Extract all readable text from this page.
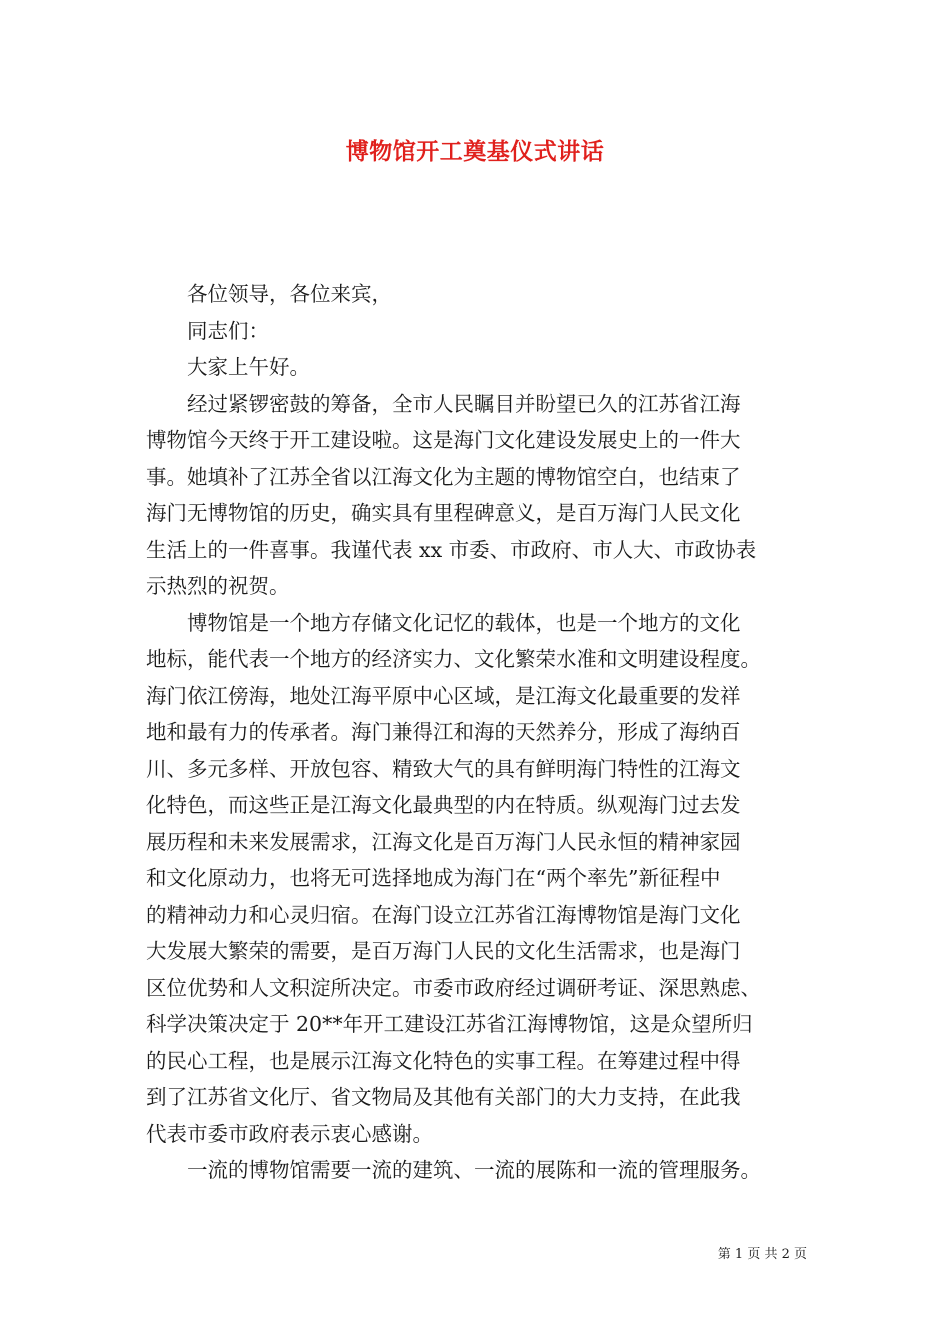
博物馆开工奠基仪式讲话

各位领导，各位来宾，

同志们：

大家上午好。

经过紧锣密鼓的筹备，全市人民瞩目并盼望已久的江苏省江海
博物馆今天终于开工建设啦。这是海门文化建设发展史上的一件大
事。她填补了江苏全省以江海文化为主题的博物馆空白，也结束了
海门无博物馆的历史，确实具有里程碑意义，是百万海门人民文化
生活上的一件喜事。我谨代表 xx 市委、市政府、市人大、市政协表
示热烈的祝贺。

博物馆是一个地方存储文化记忆的载体，也是一个地方的文化
地标，能代表一个地方的经济实力、文化繁荣水准和文明建设程度。
海门依江傍海，地处江海平原中心区域，是江海文化最重要的发祥
地和最有力的传承者。海门兼得江和海的天然养分，形成了海纳百
川、多元多样、开放包容、精致大气的具有鲜明海门特性的江海文
化特色，而这些正是江海文化最典型的内在特质。纵观海门过去发
展历程和未来发展需求，江海文化是百万海门人民永恒的精神家园
和文化原动力，也将无可选择地成为海门在“两个率先”新征程中
的精神动力和心灵归宿。在海门设立江苏省江海博物馆是海门文化
大发展大繁荣的需要，是百万海门人民的文化生活需求，也是海门
区位优势和人文积淀所决定。市委市政府经过调研考证、深思熟虑、
科学决策决定于 20**年开工建设江苏省江海博物馆，这是众望所归
的民心工程，也是展示江海文化特色的实事工程。在筹建过程中得
到了江苏省文化厅、省文物局及其他有关部门的大力支持，在此我
代表市委市政府表示衷心感谢。

一流的博物馆需要一流的建筑、一流的展陈和一流的管理服务。

第 1 页 共 2 页
